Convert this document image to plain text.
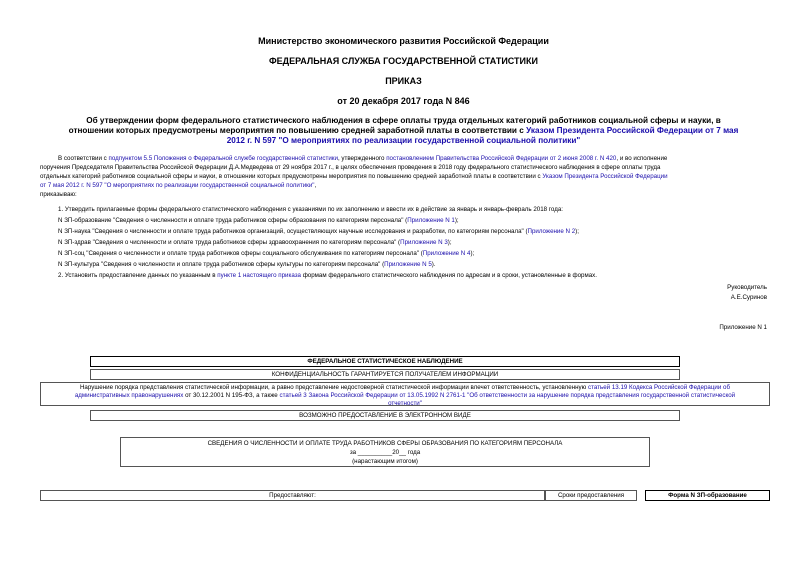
Министерство экономического развития Российской Федерации
ФЕДЕРАЛЬНАЯ СЛУЖБА ГОСУДАРСТВЕННОЙ СТАТИСТИКИ
ПРИКАЗ
от 20 декабря 2017 года N 846
Об утверждении форм федерального статистического наблюдения в сфере оплаты труда отдельных категорий работников социальной сферы и науки, в
отношении которых предусмотрены мероприятия по повышению средней заработной платы в соответствии с Указом Президента Российской Федерации от 7 мая
2012 г. N 597 "О мероприятиях по реализации государственной социальной политики"
В соответствии с подпунктом 5.5 Положения о Федеральной службе государственной статистики, утвержденного постановлением Правительства Российской Федерации от 2 июня 2008 г. N 420, и во исполнение
поручения Председателя Правительства Российской Федерации Д.А.Медведева от 29 ноября 2017 г., в целях обеспечения проведения в 2018 году федерального статистического наблюдения в сфере оплаты труда
отдельных категорий работников социальной сферы и науки, в отношении которых предусмотрены мероприятия по повышению средней заработной платы в соответствии с Указом Президента Российской Федерации
от 7 мая 2012 г. N 597 "О мероприятиях по реализации государственной социальной политики",
приказываю:
1. Утвердить прилагаемые формы федерального статистического наблюдения с указаниями по их заполнению и ввести их в действие за январь и январь-февраль 2018 года:
N ЗП-образование "Сведения о численности и оплате труда работников сферы образования по категориям персонала" (Приложение N 1);
N ЗП-наука "Сведения о численности и оплате труда работников организаций, осуществляющих научные исследования и разработки, по категориям персонала" (Приложение N 2);
N ЗП-здрав "Сведения о численности и оплате труда работников сферы здравоохранения по категориям персонала" (Приложение N 3);
N ЗП-соц "Сведения о численности и оплате труда работников сферы социального обслуживания по категориям персонала" (Приложение N 4);
N ЗП-культура "Сведения о численности и оплате труда работников сферы культуры по категориям персонала" (Приложение N 5).
2. Установить предоставление данных по указанным в пункте 1 настоящего приказа формам федерального статистического наблюдения по адресам и в сроки, установленные в формах.
Руководитель
А.Е.Суринов
Приложение N 1
ФЕДЕРАЛЬНОЕ СТАТИСТИЧЕСКОЕ НАБЛЮДЕНИЕ
КОНФИДЕНЦИАЛЬНОСТЬ ГАРАНТИРУЕТСЯ ПОЛУЧАТЕЛЕМ ИНФОРМАЦИИ
Нарушение порядка представления статистической информации, а равно представление недостоверной статистической информации влечет ответственность, установленную статьей 13.19 Кодекса Российской Федерации об
административных правонарушениях от 30.12.2001 N 195-ФЗ, а также статьей 3 Закона Российской Федерации от 13.05.1992 N 2761-1 "Об ответственности за нарушение порядка представления государственной статистической
отчетности"
ВОЗМОЖНО ПРЕДОСТАВЛЕНИЕ В ЭЛЕКТРОННОМ ВИДЕ
СВЕДЕНИЯ О ЧИСЛЕННОСТИ И ОПЛАТЕ ТРУДА РАБОТНИКОВ СФЕРЫ ОБРАЗОВАНИЯ ПО КАТЕГОРИЯМ ПЕРСОНАЛА
за __________20__ года
(нарастающим итогом)
Предоставляют:	Сроки предоставления	Форма N ЗП-образование
